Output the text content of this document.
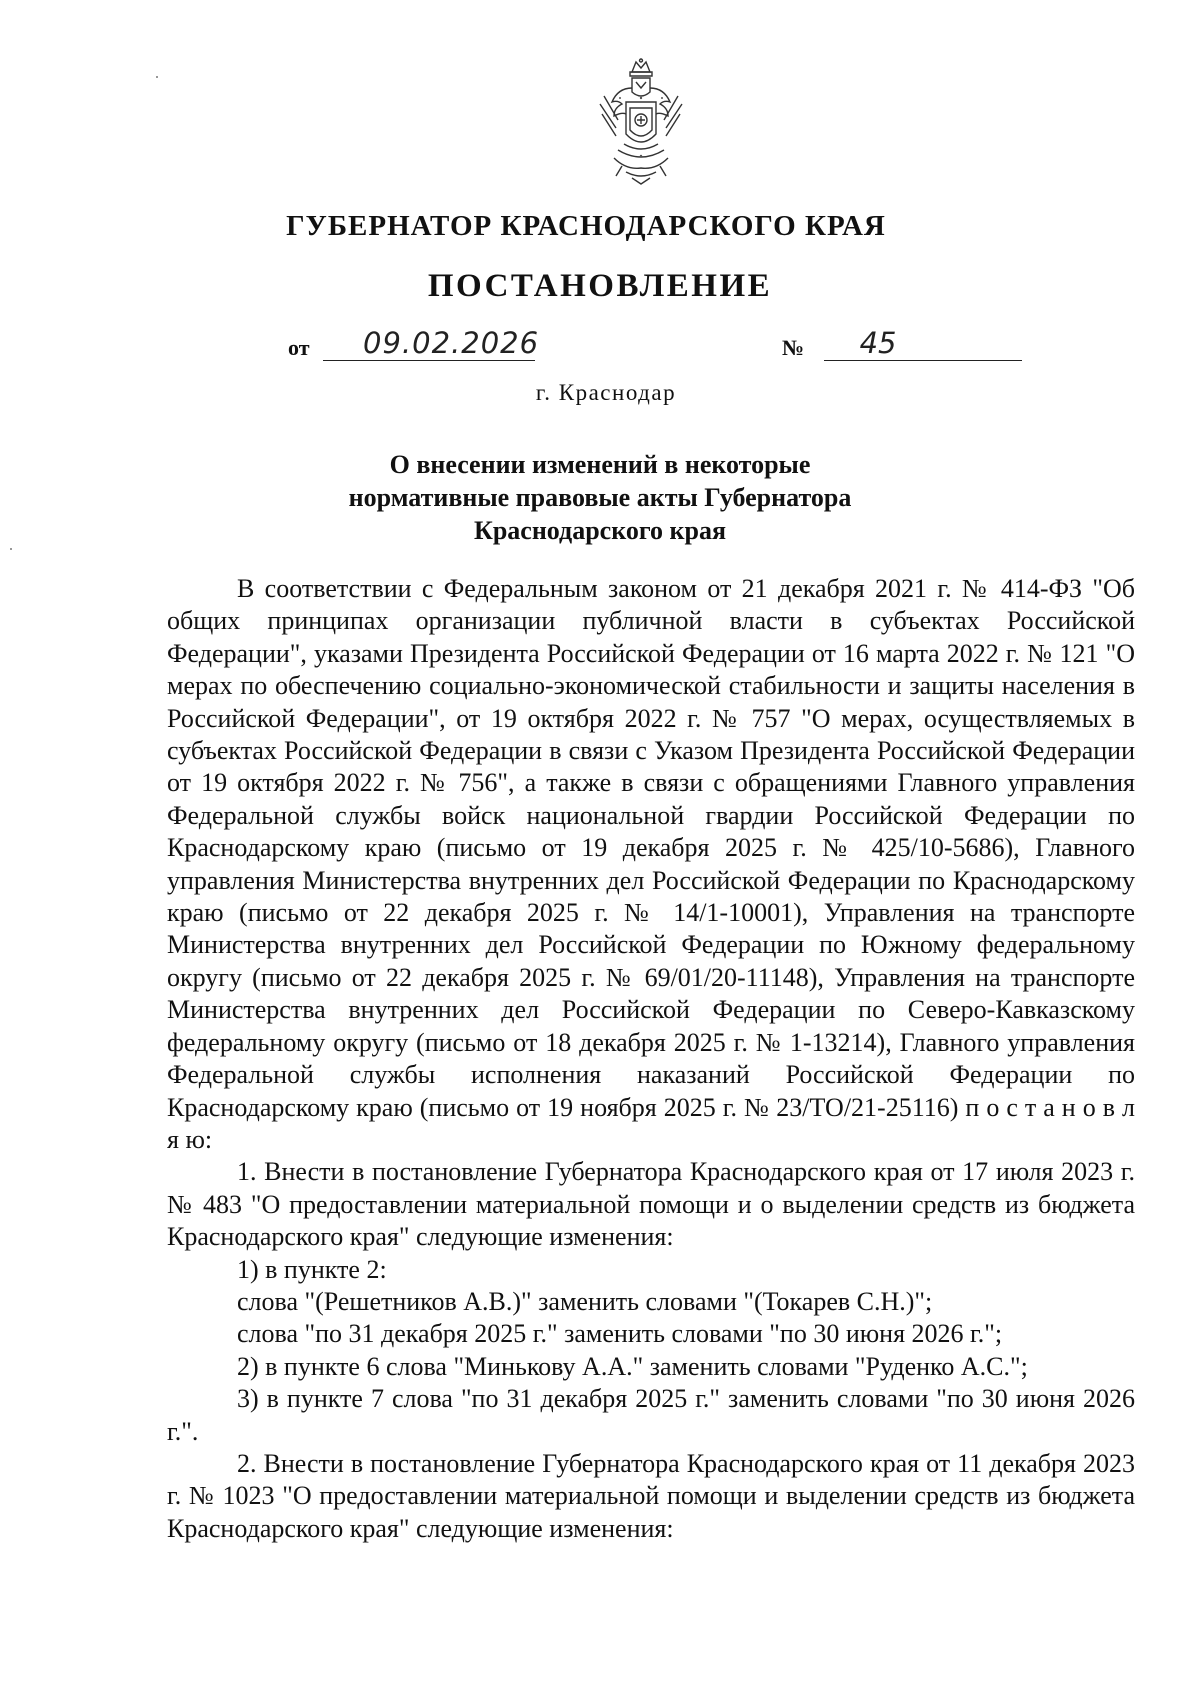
ГУБЕРНАТОР КРАСНОДАРСКОГО КРАЯ
ПОСТАНОВЛЕНИЕ
от 09.02.2026	№ 45
г. Краснодар
О внесении изменений в некоторые
нормативные правовые акты Губернатора
Краснодарского края

В соответствии с Федеральным законом от 21 декабря 2021 г. № 414-ФЗ "Об общих принципах организации публичной власти в субъектах Российской Федерации", указами Президента Российской Федерации от 16 марта 2022 г. № 121 "О мерах по обеспечению социально-экономической стабильности и защиты населения в Российской Федерации", от 19 октября 2022 г. № 757 "О мерах, осуществляемых в субъектах Российской Федерации в связи с Указом Президента Российской Федерации от 19 октября 2022 г. № 756", а также в связи с обращениями Главного управления Федеральной службы войск национальной гвардии Российской Федерации по Краснодарскому краю (письмо от 19 декабря 2025 г. № 425/10-5686), Главного управления Министерства внутренних дел Российской Федерации по Краснодарскому краю (письмо от 22 декабря 2025 г. № 14/1-10001), Управления на транспорте Министерства внутренних дел Российской Федерации по Южному федеральному округу (письмо от 22 декабря 2025 г. № 69/01/20-11148), Управления на транспорте Министерства внутренних дел Российской Федерации по Северо-Кавказскому федеральному округу (письмо от 18 декабря 2025 г. № 1-13214), Главного управления Федеральной службы исполнения наказаний Российской Федерации по Краснодарскому краю (письмо от 19 ноября 2025 г. № 23/ТО/21-25116) п о с т а н о в л я ю:

1. Внести в постановление Губернатора Краснодарского края от 17 июля 2023 г. № 483 "О предоставлении материальной помощи и о выделении средств из бюджета Краснодарского края" следующие изменения:

1) в пункте 2:

слова "(Решетников А.В.)" заменить словами "(Токарев С.Н.)";

слова "по 31 декабря 2025 г." заменить словами "по 30 июня 2026 г.";

2) в пункте 6 слова "Минькову А.А." заменить словами "Руденко А.С.";

3) в пункте 7 слова "по 31 декабря 2025 г." заменить словами "по 30 июня 2026 г.".

2. Внести в постановление Губернатора Краснодарского края от 11 декабря 2023 г. № 1023 "О предоставлении материальной помощи и выделении средств из бюджета Краснодарского края" следующие изменения:
